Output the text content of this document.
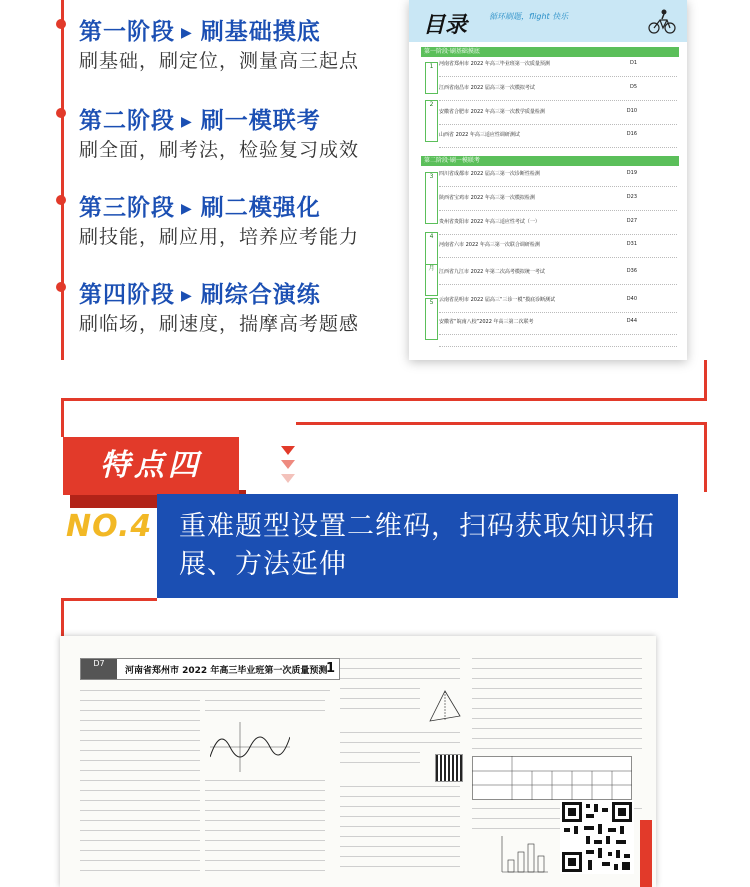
第一阶段 ▶ 刷基础摸底
刷基础，刷定位，测量高三起点
第二阶段 ▶ 刷一模联考
刷全面，刷考法，检验复习成效
第三阶段 ▶ 刷二模强化
刷技能，刷应用，培养应考能力
第四阶段 ▶ 刷综合演练
刷临场，刷速度，揣摩高考题感
目录	循环刷题，flight 快乐
第一阶段·刷基础摸底
1
2
河南省郑州市 2022 年高三毕业班第一次质量预测	D1
江西省南昌市 2022 届高三第一次模拟考试	D5
安徽省合肥市 2022 年高三第一次教学质量检测	D10
山西省 2022 年高三适应性调研测试	D16
第二阶段·刷一模联考
3
4
月
5
四川省成都市 2022 届高三第一次诊断性检测	D19
陕西省宝鸡市 2022 年高三第一次模拟检测	D23
贵州省贵阳市 2022 年高三适应性考试（一）	D27
河南省六市 2022 年高三第一次联合调研检测	D31
江西省九江市 2022 年第二次高考模拟统一考试	D36
云南省昆明市 2022 届高三“三诊一模”摸底诊断测试	D40
安徽省“皖南八校”2022 年高三第二次联考	D44
特点四
NO.4 重难题型设置二维码，扫码获取知识拓展、方法延伸
D7
河南省郑州市 2022 年高三毕业班第一次质量预测
1
